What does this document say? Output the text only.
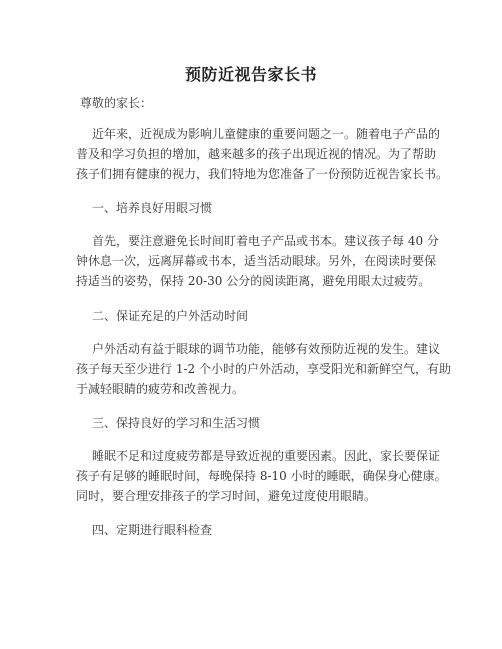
预防近视告家长书
尊敬的家长：
近年来，近视成为影响儿童健康的重要问题之一。随着电子产品的
普及和学习负担的增加，越来越多的孩子出现近视的情况。为了帮助
孩子们拥有健康的视力，我们特地为您准备了一份预防近视告家长书。
一、培养良好用眼习惯
首先，要注意避免长时间盯着电子产品或书本。建议孩子每 40 分
钟休息一次，远离屏幕或书本，适当活动眼球。另外，在阅读时要保
持适当的姿势，保持 20-30 公分的阅读距离，避免用眼太过疲劳。
二、保证充足的户外活动时间
户外活动有益于眼球的调节功能，能够有效预防近视的发生。建议
孩子每天至少进行 1-2 个小时的户外活动，享受阳光和新鲜空气，有助
于减轻眼睛的疲劳和改善视力。
三、保持良好的学习和生活习惯
睡眠不足和过度疲劳都是导致近视的重要因素。因此，家长要保证
孩子有足够的睡眠时间，每晚保持 8-10 小时的睡眠，确保身心健康。
同时，要合理安排孩子的学习时间，避免过度使用眼睛。
四、定期进行眼科检查
